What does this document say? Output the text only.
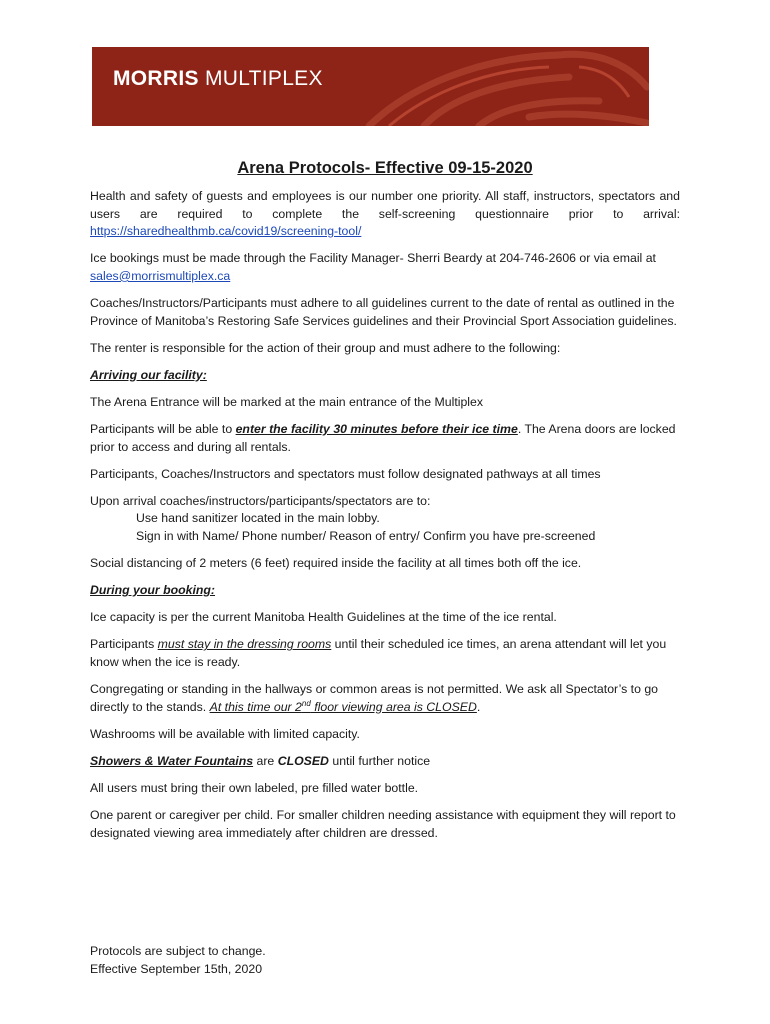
MORRIS MULTIPLEX
Arena Protocols- Effective 09-15-2020

Health and safety of guests and employees is our number one priority. All staff, instructors, spectators and users are required to complete the self-screening questionnaire prior to arrival: https://sharedhealthmb.ca/covid19/screening-tool/

Ice bookings must be made through the Facility Manager- Sherri Beardy at 204-746-2606 or via email at sales@morrismultiplex.ca

Coaches/Instructors/Participants must adhere to all guidelines current to the date of rental as outlined in the Province of Manitoba’s Restoring Safe Services guidelines and their Provincial Sport Association guidelines.

The renter is responsible for the action of their group and must adhere to the following:

Arriving our facility:

The Arena Entrance will be marked at the main entrance of the Multiplex

Participants will be able to enter the facility 30 minutes before their ice time. The Arena doors are locked prior to access and during all rentals.

Participants, Coaches/Instructors and spectators must follow designated pathways at all times

Upon arrival coaches/instructors/participants/spectators are to:
Use hand sanitizer located in the main lobby.
Sign in with Name/ Phone number/ Reason of entry/ Confirm you have pre-screened

Social distancing of 2 meters (6 feet) required inside the facility at all times both off the ice.

During your booking:

Ice capacity is per the current Manitoba Health Guidelines at the time of the ice rental.

Participants must stay in the dressing rooms until their scheduled ice times, an arena attendant will let you know when the ice is ready.

Congregating or standing in the hallways or common areas is not permitted. We ask all Spectator’s to go directly to the stands. At this time our 2nd floor viewing area is CLOSED.

Washrooms will be available with limited capacity.

Showers & Water Fountains are CLOSED until further notice

All users must bring their own labeled, pre filled water bottle.

One parent or caregiver per child. For smaller children needing assistance with equipment they will report to designated viewing area immediately after children are dressed.

Protocols are subject to change.
Effective September 15th, 2020
